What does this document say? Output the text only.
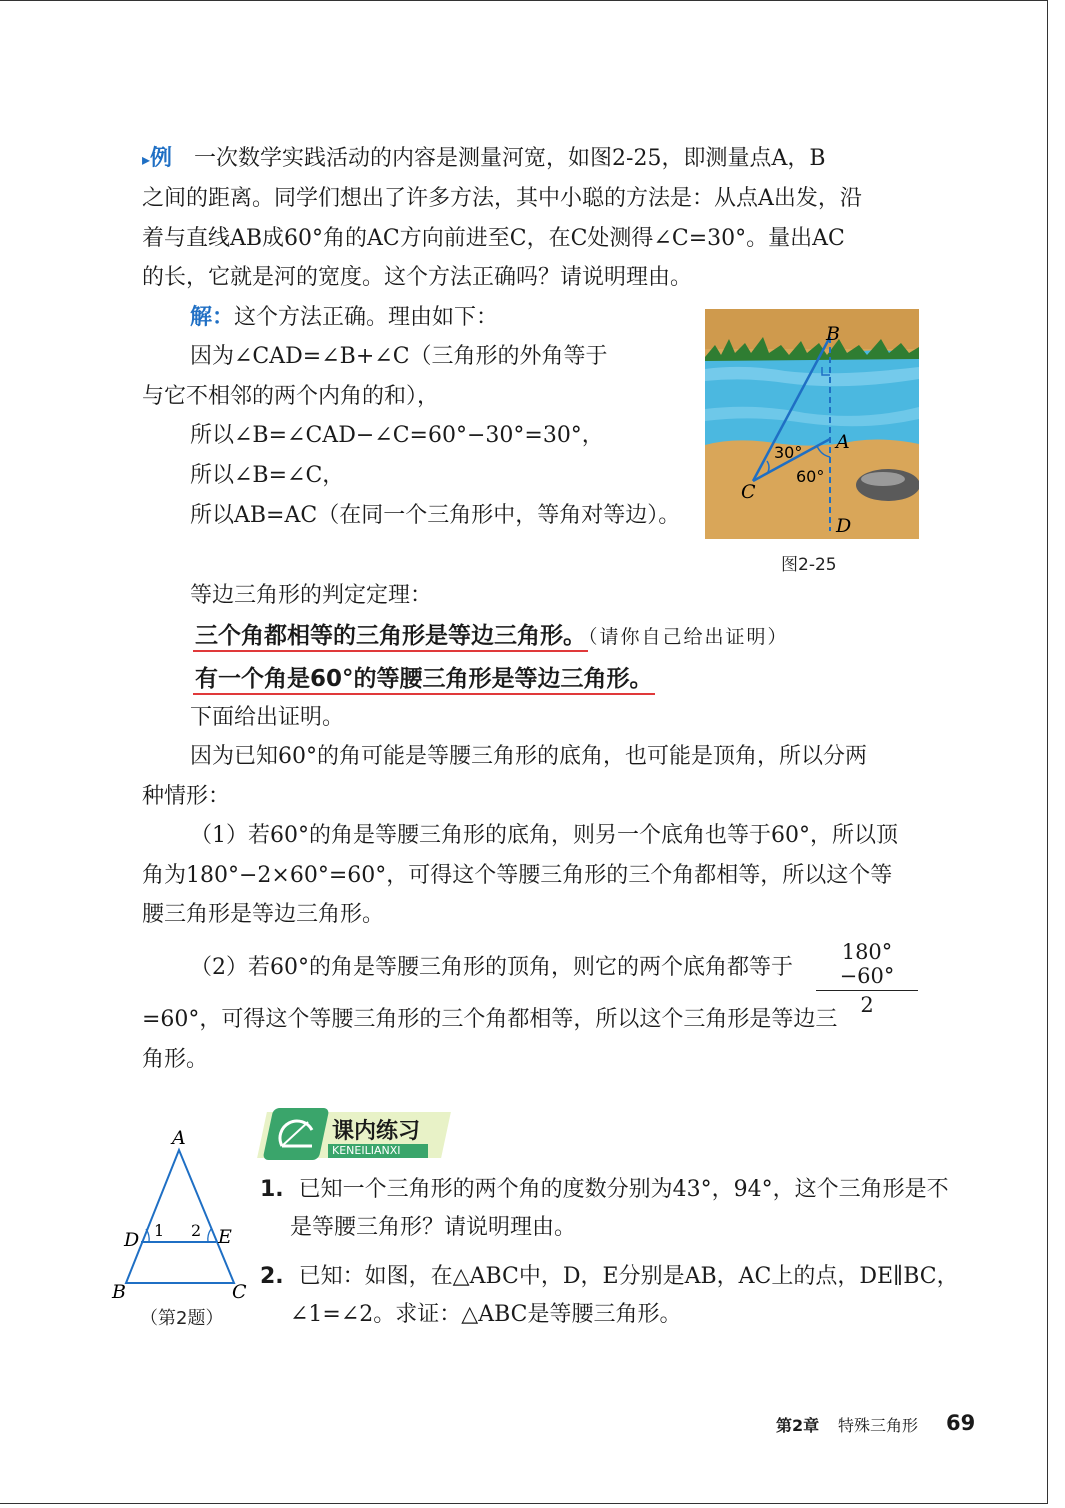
▸例 一次数学实践活动的内容是测量河宽，如图2-25，即测量点A，B
之间的距离。同学们想出了许多方法，其中小聪的方法是：从点A出发，沿
着与直线AB成60°角的AC方向前进至C，在C处测得∠C=30°。量出AC
的长，它就是河的宽度。这个方法正确吗？请说明理由。
解：这个方法正确。理由如下：
因为∠CAD=∠B+∠C（三角形的外角等于
与它不相邻的两个内角的和），
所以∠B=∠CAD−∠C=60°−30°=30°，
所以∠B=∠C，
所以AB=AC（在同一个三角形中，等角对等边）。
B
A
C
D
30°
60°
图2-25
等边三角形的判定定理：
三个角都相等的三角形是等边三角形。 （请你自己给出证明）
有一个角是60°的等腰三角形是等边三角形。
下面给出证明。
因为已知60°的角可能是等腰三角形的底角，也可能是顶角，所以分两
种情形：
（1）若60°的角是等腰三角形的底角，则另一个底角也等于60°，所以顶
角为180°−2×60°=60°，可得这个等腰三角形的三个角都相等，所以这个等
腰三角形是等边三角形。
（2）若60°的角是等腰三角形的顶角，则它的两个底角都等于 $\frac{180^\circ-60^\circ}{2}$
=60°，可得这个等腰三角形的三个角都相等，所以这个三角形是等边三
角形。
课内练习
KENEILIANXI
1. 已知一个三角形的两个角的度数分别为43°，94°，这个三角形是不
是等腰三角形？请说明理由。
2. 已知：如图，在△ABC中，D，E分别是AB，AC上的点，DE∥BC，
∠1=∠2。求证：△ABC是等腰三角形。
A
D	E
B	C
1 2
（第2题）
第2章 特殊三角形 69
